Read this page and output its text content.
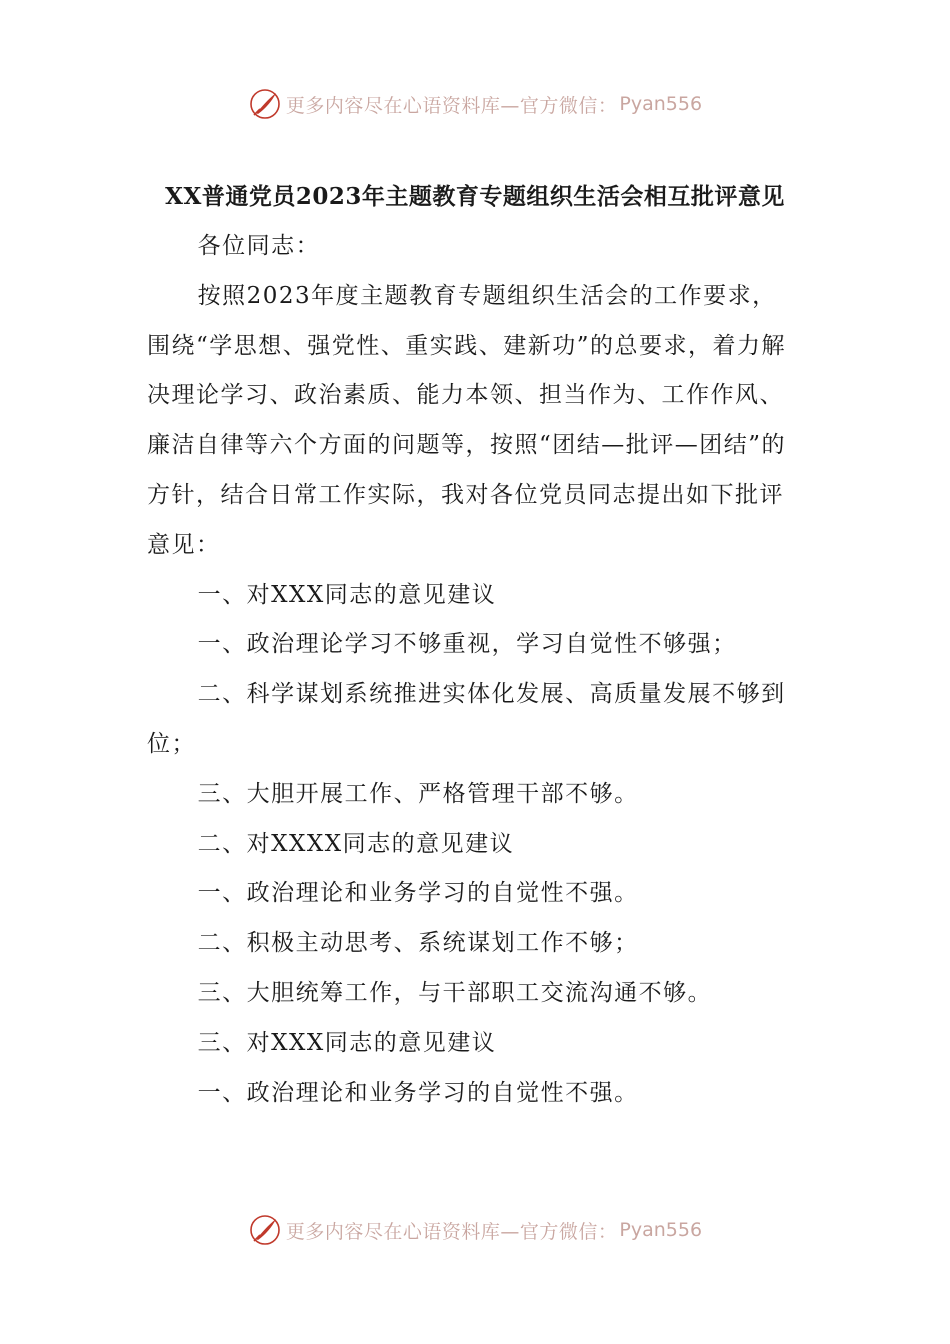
更多内容尽在心语资料库—官方微信： Pyan556
XX普通党员2023年主题教育专题组织生活会相互批评意见

各位同志：

按照2023年度主题教育专题组织生活会的工作要求，围绕“学思想、强党性、重实践、建新功”的总要求，着力解决理论学习、政治素质、能力本领、担当作为、工作作风、廉洁自律等六个方面的问题等，按照“团结—批评—团结”的方针，结合日常工作实际，我对各位党员同志提出如下批评意见：

一、对XXX同志的意见建议

一、政治理论学习不够重视，学习自觉性不够强；

二、科学谋划系统推进实体化发展、高质量发展不够到位；

三、大胆开展工作、严格管理干部不够。

二、对XXXX同志的意见建议

一、政治理论和业务学习的自觉性不强。

二、积极主动思考、系统谋划工作不够；

三、大胆统筹工作，与干部职工交流沟通不够。

三、对XXX同志的意见建议

一、政治理论和业务学习的自觉性不强。

更多内容尽在心语资料库—官方微信： Pyan556
